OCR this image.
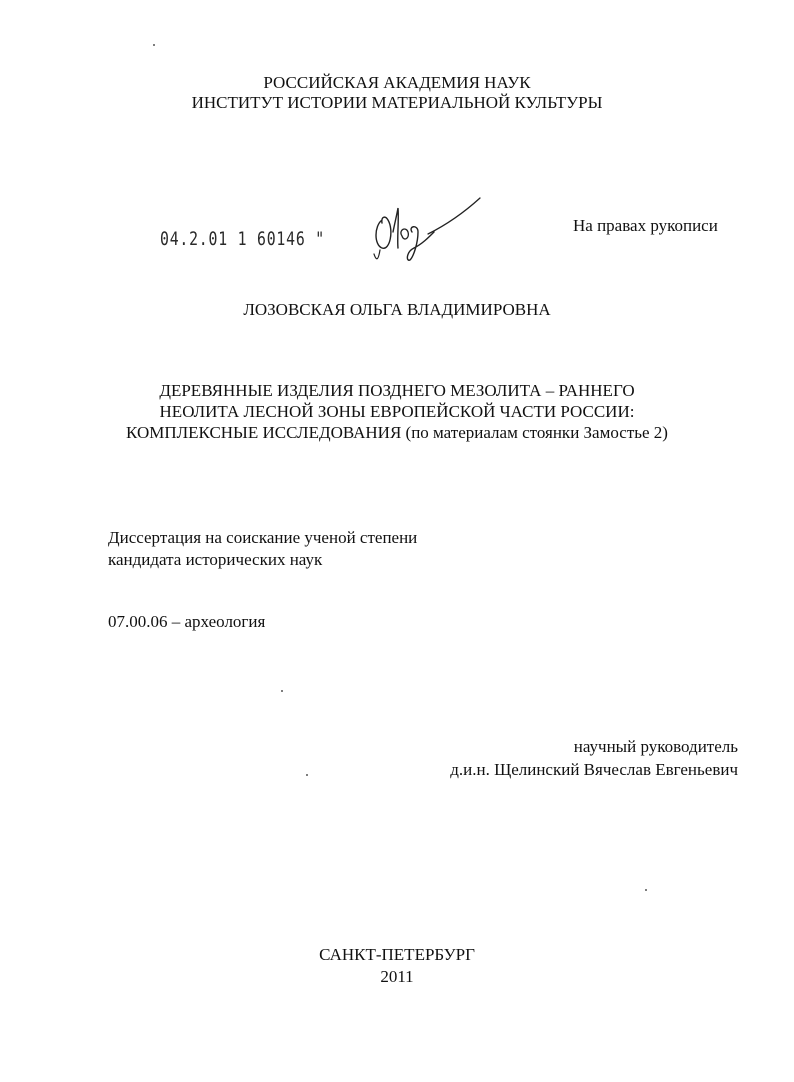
РОССИЙСКАЯ АКАДЕМИЯ НАУК
ИНСТИТУТ ИСТОРИИ МАТЕРИАЛЬНОЙ КУЛЬТУРЫ
04.2.01 1 60146 "
На правах рукописи
ЛОЗОВСКАЯ ОЛЬГА ВЛАДИМИРОВНА
ДЕРЕВЯННЫЕ ИЗДЕЛИЯ ПОЗДНЕГО МЕЗОЛИТА – РАННЕГО
НЕОЛИТА ЛЕСНОЙ ЗОНЫ ЕВРОПЕЙСКОЙ ЧАСТИ РОССИИ:
КОМПЛЕКСНЫЕ ИССЛЕДОВАНИЯ (по материалам стоянки Замостье 2)
Диссертация на соискание ученой степени
кандидата исторических наук
07.00.06 – археология
научный руководитель
д.и.н. Щелинский Вячеслав Евгеньевич
САНКТ-ПЕТЕРБУРГ
2011
